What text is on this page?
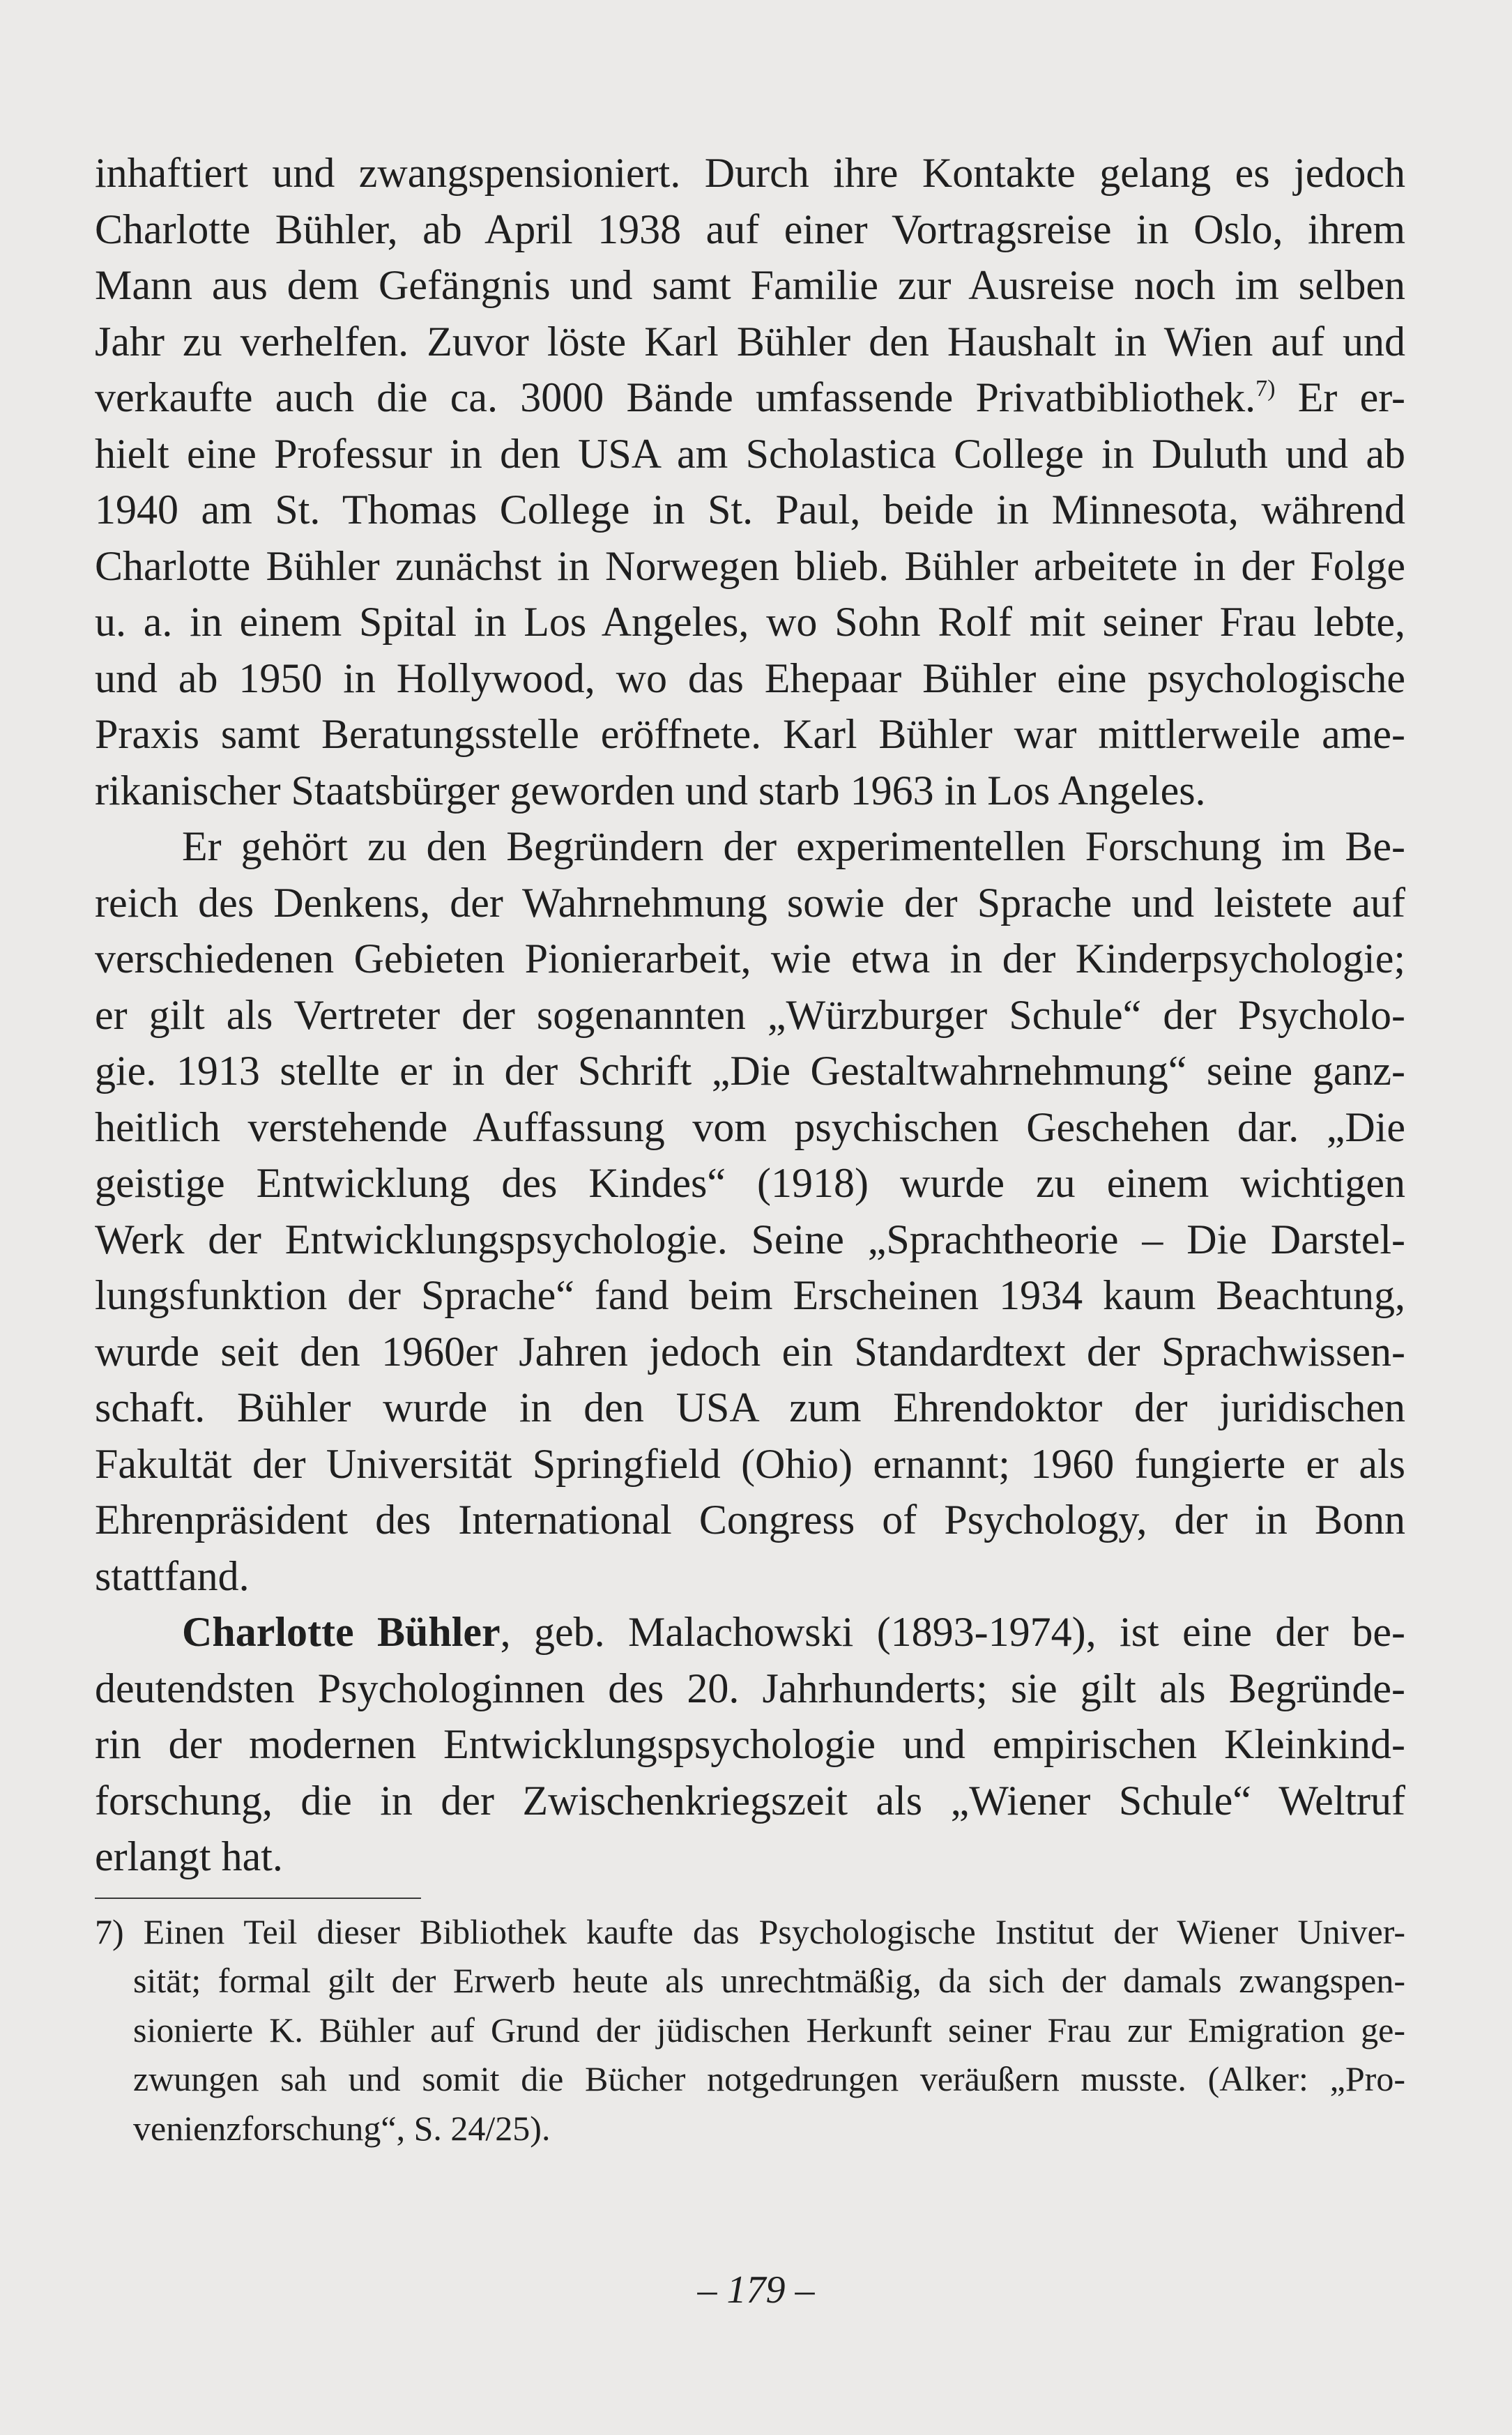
inhaftiert und zwangspensioniert. Durch ihre Kontakte gelang es jedoch
Charlotte Bühler, ab April 1938 auf einer Vortragsreise in Oslo, ihrem
Mann aus dem Gefängnis und samt Familie zur Ausreise noch im selben
Jahr zu verhelfen. Zuvor löste Karl Bühler den Haushalt in Wien auf und
verkaufte auch die ca. 3000 Bände umfassende Privatbibliothek.$^{7)}$ Er er-
hielt eine Professur in den USA am Scholastica College in Duluth und ab
1940 am St. Thomas College in St. Paul, beide in Minnesota, während
Charlotte Bühler zunächst in Norwegen blieb. Bühler arbeitete in der Folge
u. a. in einem Spital in Los Angeles, wo Sohn Rolf mit seiner Frau lebte,
und ab 1950 in Hollywood, wo das Ehepaar Bühler eine psychologische
Praxis samt Beratungsstelle eröffnete. Karl Bühler war mittlerweile ame-
rikanischer Staatsbürger geworden und starb 1963 in Los Angeles.
Er gehört zu den Begründern der experimentellen Forschung im Be-
reich des Denkens, der Wahrnehmung sowie der Sprache und leistete auf
verschiedenen Gebieten Pionierarbeit, wie etwa in der Kinderpsychologie;
er gilt als Vertreter der sogenannten „Würzburger Schule“ der Psycholo-
gie. 1913 stellte er in der Schrift „Die Gestaltwahrnehmung“ seine ganz-
heitlich verstehende Auffassung vom psychischen Geschehen dar. „Die
geistige Entwicklung des Kindes“ (1918) wurde zu einem wichtigen
Werk der Entwicklungspsychologie. Seine „Sprachtheorie – Die Darstel-
lungsfunktion der Sprache“ fand beim Erscheinen 1934 kaum Beachtung,
wurde seit den 1960er Jahren jedoch ein Standardtext der Sprachwissen-
schaft. Bühler wurde in den USA zum Ehrendoktor der juridischen
Fakultät der Universität Springfield (Ohio) ernannt; 1960 fungierte er als
Ehrenpräsident des International Congress of Psychology, der in Bonn
stattfand.
Charlotte Bühler, geb. Malachowski (1893-1974), ist eine der be-
deutendsten Psychologinnen des 20. Jahrhunderts; sie gilt als Begründe-
rin der modernen Entwicklungspsychologie und empirischen Kleinkind-
forschung, die in der Zwischenkriegszeit als „Wiener Schule“ Weltruf
erlangt hat.
7) Einen Teil dieser Bibliothek kaufte das Psychologische Institut der Wiener Univer-
sität; formal gilt der Erwerb heute als unrechtmäßig, da sich der damals zwangspen-
sionierte K. Bühler auf Grund der jüdischen Herkunft seiner Frau zur Emigration ge-
zwungen sah und somit die Bücher notgedrungen veräußern musste. (Alker: „Pro-
venienzforschung“, S. 24/25).
– 179 –
